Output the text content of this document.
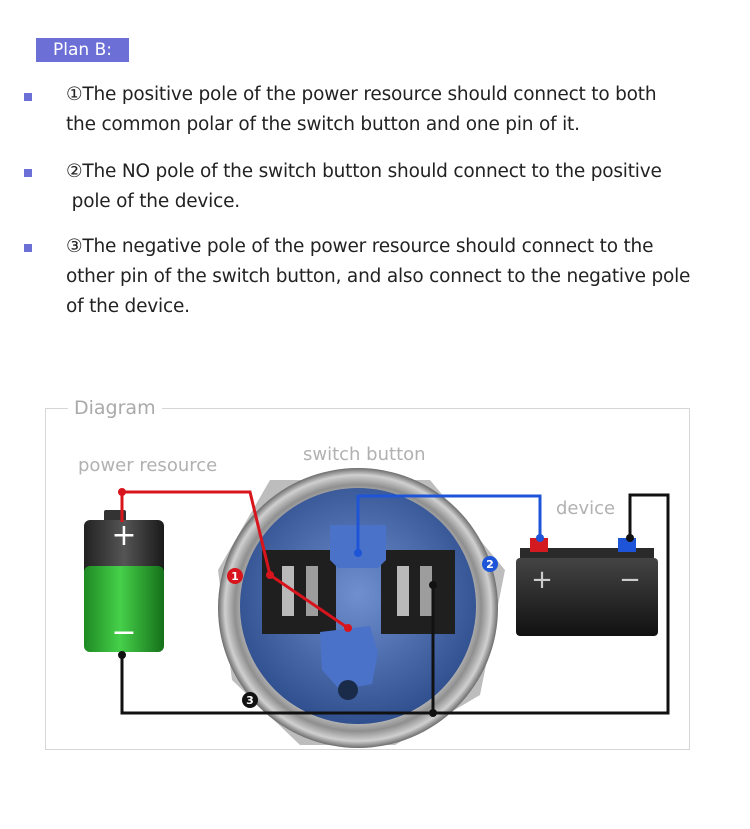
Plan B:
①The positive pole of the power resource should connect to both
the common polar of the switch button and one pin of it.
②The NO pole of the switch button should connect to the positive
pole of the device.
③The negative pole of the power resource should connect to the
other pin of the switch button, and also connect to the negative pole
of the device.
Diagram
power resource
switch button
device
+
−
+	−
1
2
3
